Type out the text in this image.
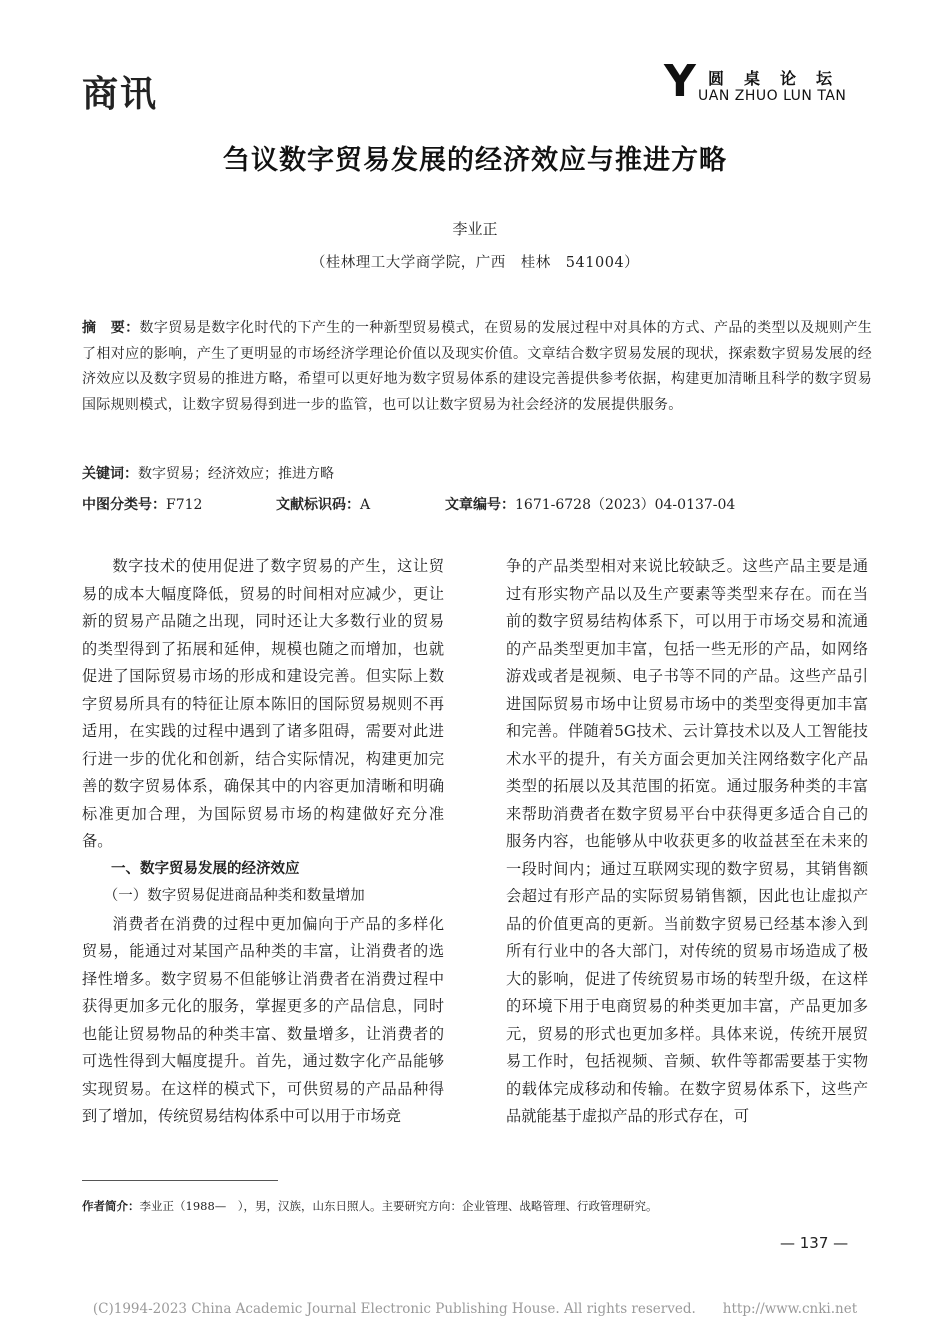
商讯	Y 圆桌论坛
UAN ZHUO LUN TAN
刍议数字贸易发展的经济效应与推进方略
李业正
（桂林理工大学商学院，广西　桂林　541004）
摘　要：数字贸易是数字化时代的下产生的一种新型贸易模式，在贸易的发展过程中对具体的方式、产品的类型以及规则产生了相对应的影响，产生了更明显的市场经济学理论价值以及现实价值。文章结合数字贸易发展的现状，探索数字贸易发展的经济效应以及数字贸易的推进方略，希望可以更好地为数字贸易体系的建设完善提供参考依据，构建更加清晰且科学的数字贸易国际规则模式，让数字贸易得到进一步的监管，也可以让数字贸易为社会经济的发展提供服务。
关键词：数字贸易；经济效应；推进方略
中图分类号：F712	文献标识码：A	文章编号：1671-6728（2023）04-0137-04

数字技术的使用促进了数字贸易的产生，这让贸易的成本大幅度降低，贸易的时间相对应减少，更让新的贸易产品随之出现，同时还让大多数行业的贸易的类型得到了拓展和延伸，规模也随之而增加，也就促进了国际贸易市场的形成和建设完善。但实际上数字贸易所具有的特征让原本陈旧的国际贸易规则不再适用，在实践的过程中遇到了诸多阻碍，需要对此进行进一步的优化和创新，结合实际情况，构建更加完善的数字贸易体系，确保其中的内容更加清晰和明确标准更加合理，为国际贸易市场的构建做好充分准备。

一、数字贸易发展的经济效应
（一）数字贸易促进商品种类和数量增加

消费者在消费的过程中更加偏向于产品的多样化贸易，能通过对某国产品种类的丰富，让消费者的选择性增多。数字贸易不但能够让消费者在消费过程中获得更加多元化的服务，掌握更多的产品信息，同时也能让贸易物品的种类丰富、数量增多，让消费者的可选性得到大幅度提升。首先，通过数字化产品能够实现贸易。在这样的模式下，可供贸易的产品品种得到了增加，传统贸易结构体系中可以用于市场竞

争的产品类型相对来说比较缺乏。这些产品主要是通过有形实物产品以及生产要素等类型来存在。而在当前的数字贸易结构体系下，可以用于市场交易和流通的产品类型更加丰富，包括一些无形的产品，如网络游戏或者是视频、电子书等不同的产品。这些产品引进国际贸易市场中让贸易市场中的类型变得更加丰富和完善。伴随着5G技术、云计算技术以及人工智能技术水平的提升，有关方面会更加关注网络数字化产品类型的拓展以及其范围的拓宽。通过服务种类的丰富来帮助消费者在数字贸易平台中获得更多适合自己的服务内容，也能够从中收获更多的收益甚至在未来的一段时间内；通过互联网实现的数字贸易，其销售额会超过有形产品的实际贸易销售额，因此也让虚拟产品的价值更高的更新。当前数字贸易已经基本渗入到所有行业中的各大部门，对传统的贸易市场造成了极大的影响，促进了传统贸易市场的转型升级，在这样的环境下用于电商贸易的种类更加丰富，产品更加多元，贸易的形式也更加多样。具体来说，传统开展贸易工作时，包括视频、音频、软件等都需要基于实物的载体完成移动和传输。在数字贸易体系下，这些产品就能基于虚拟产品的形式存在，可

作者简介：李业正（1988—　），男，汉族，山东日照人。主要研究方向：企业管理、战略管理、行政管理研究。
— 137 —
(C)1994-2023 China Academic Journal Electronic Publishing House. All rights reserved.　　http://www.cnki.net
